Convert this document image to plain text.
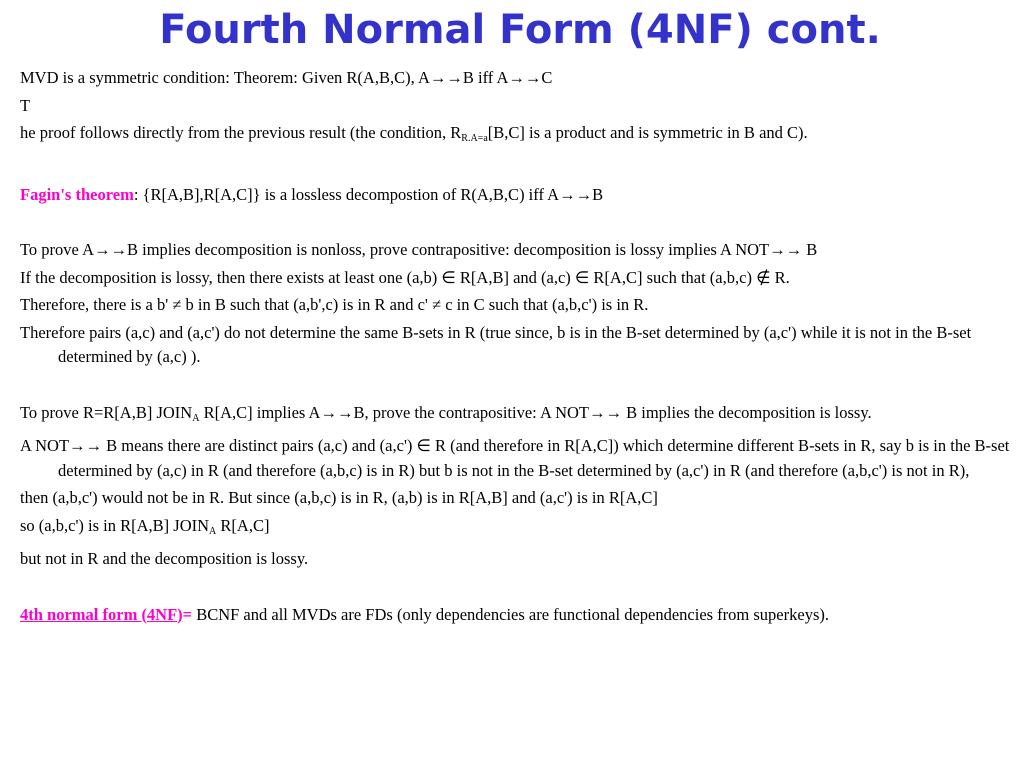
Fourth Normal Form (4NF) cont.
MVD is a symmetric condition: Theorem: Given R(A,B,C), A→→B iff A→→C
T
he proof follows directly from the previous result (the condition, $R_{R.A=a}[B,C]$ is a product and is symmetric in B and C).
Fagin's theorem: {R[A,B],R[A,C]} is a lossless decompostion of R(A,B,C) iff A→→B
To prove A→→B implies decomposition is nonloss, prove contrapositive: decomposition is lossy implies A NOT→→ B
If the decomposition is lossy, then there exists at least one (a,b) ∈ R[A,B] and (a,c) ∈ R[A,C] such that (a,b,c) ∉ R.
Therefore, there is a b' ≠ b in B such that (a,b',c) is in R and c' ≠ c in C such that (a,b,c') is in R.
Therefore pairs (a,c) and (a,c') do not determine the same B-sets in R (true since, b is in the B-set determined by (a,c') while it is not in the B-set determined by (a,c) ).
To prove R=R[A,B] $JOIN_A$ R[A,C] implies A→→B, prove the contrapositive: A NOT→→ B implies the decomposition is lossy.
A NOT→→ B means there are distinct pairs (a,c) and (a,c') ∈ R (and therefore in R[A,C]) which determine different B-sets in R, say b is in the B-set determined by (a,c) in R (and therefore (a,b,c) is in R) but b is not in the B-set determined by (a,c') in R (and therefore (a,b,c') is not in R),
then (a,b,c') would not be in R. But since (a,b,c) is in R, (a,b) is in R[A,B] and (a,c') is in R[A,C]
so (a,b,c') is in R[A,B] $JOIN_A$ R[A,C]
but not in R and the decomposition is lossy.
4th normal form (4NF)= BCNF and all MVDs are FDs (only dependencies are functional dependencies from superkeys).
